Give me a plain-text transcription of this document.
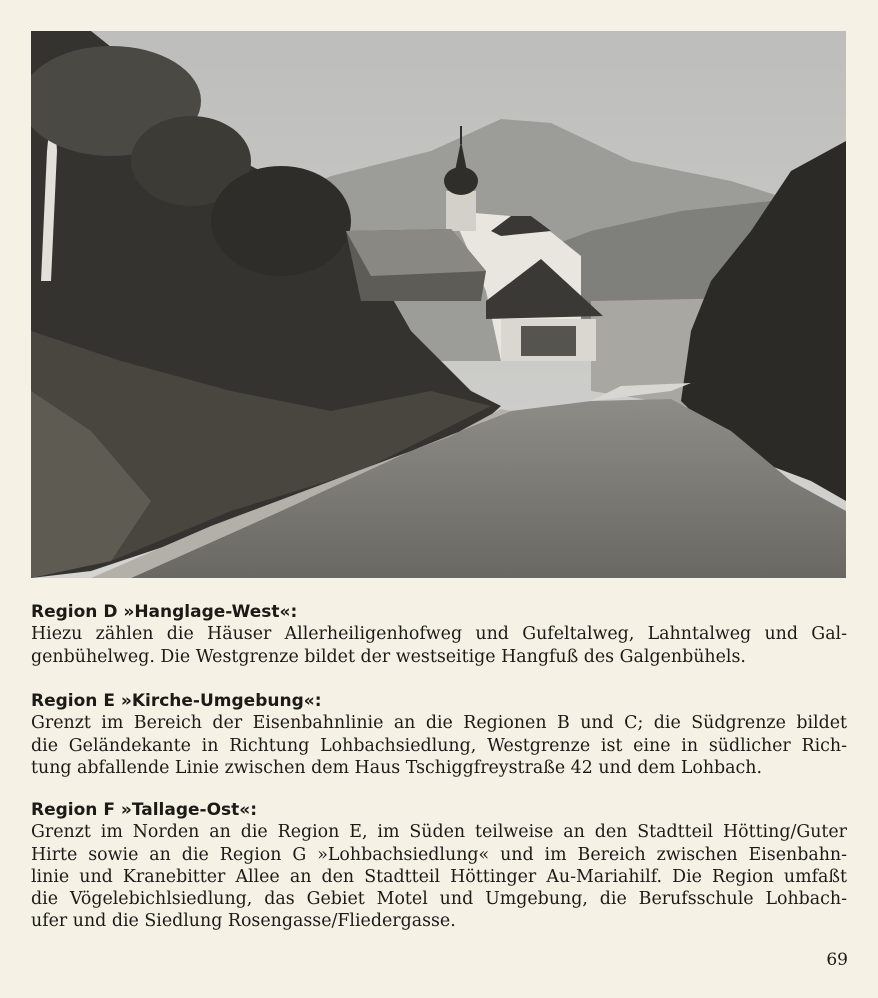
Region D »Hanglage-West«:
Hiezu zählen die Häuser Allerheiligenhofweg und Gufeltalweg, Lahntalweg und Gal-
genbühelweg. Die Westgrenze bildet der westseitige Hangfuß des Galgenbühels.
Region E »Kirche-Umgebung«:
Grenzt im Bereich der Eisenbahnlinie an die Regionen B und C; die Südgrenze bildet
die Geländekante in Richtung Lohbachsiedlung, Westgrenze ist eine in südlicher Rich-
tung abfallende Linie zwischen dem Haus Tschiggfreystraße 42 und dem Lohbach.
Region F »Tallage-Ost«:
Grenzt im Norden an die Region E, im Süden teilweise an den Stadtteil Hötting/Guter
Hirte sowie an die Region G »Lohbachsiedlung« und im Bereich zwischen Eisenbahn-
linie und Kranebitter Allee an den Stadtteil Höttinger Au-Mariahilf. Die Region umfaßt
die Vögelebichlsiedlung, das Gebiet Motel und Umgebung, die Berufsschule Lohbach-
ufer und die Siedlung Rosengasse/Fliedergasse.
69
